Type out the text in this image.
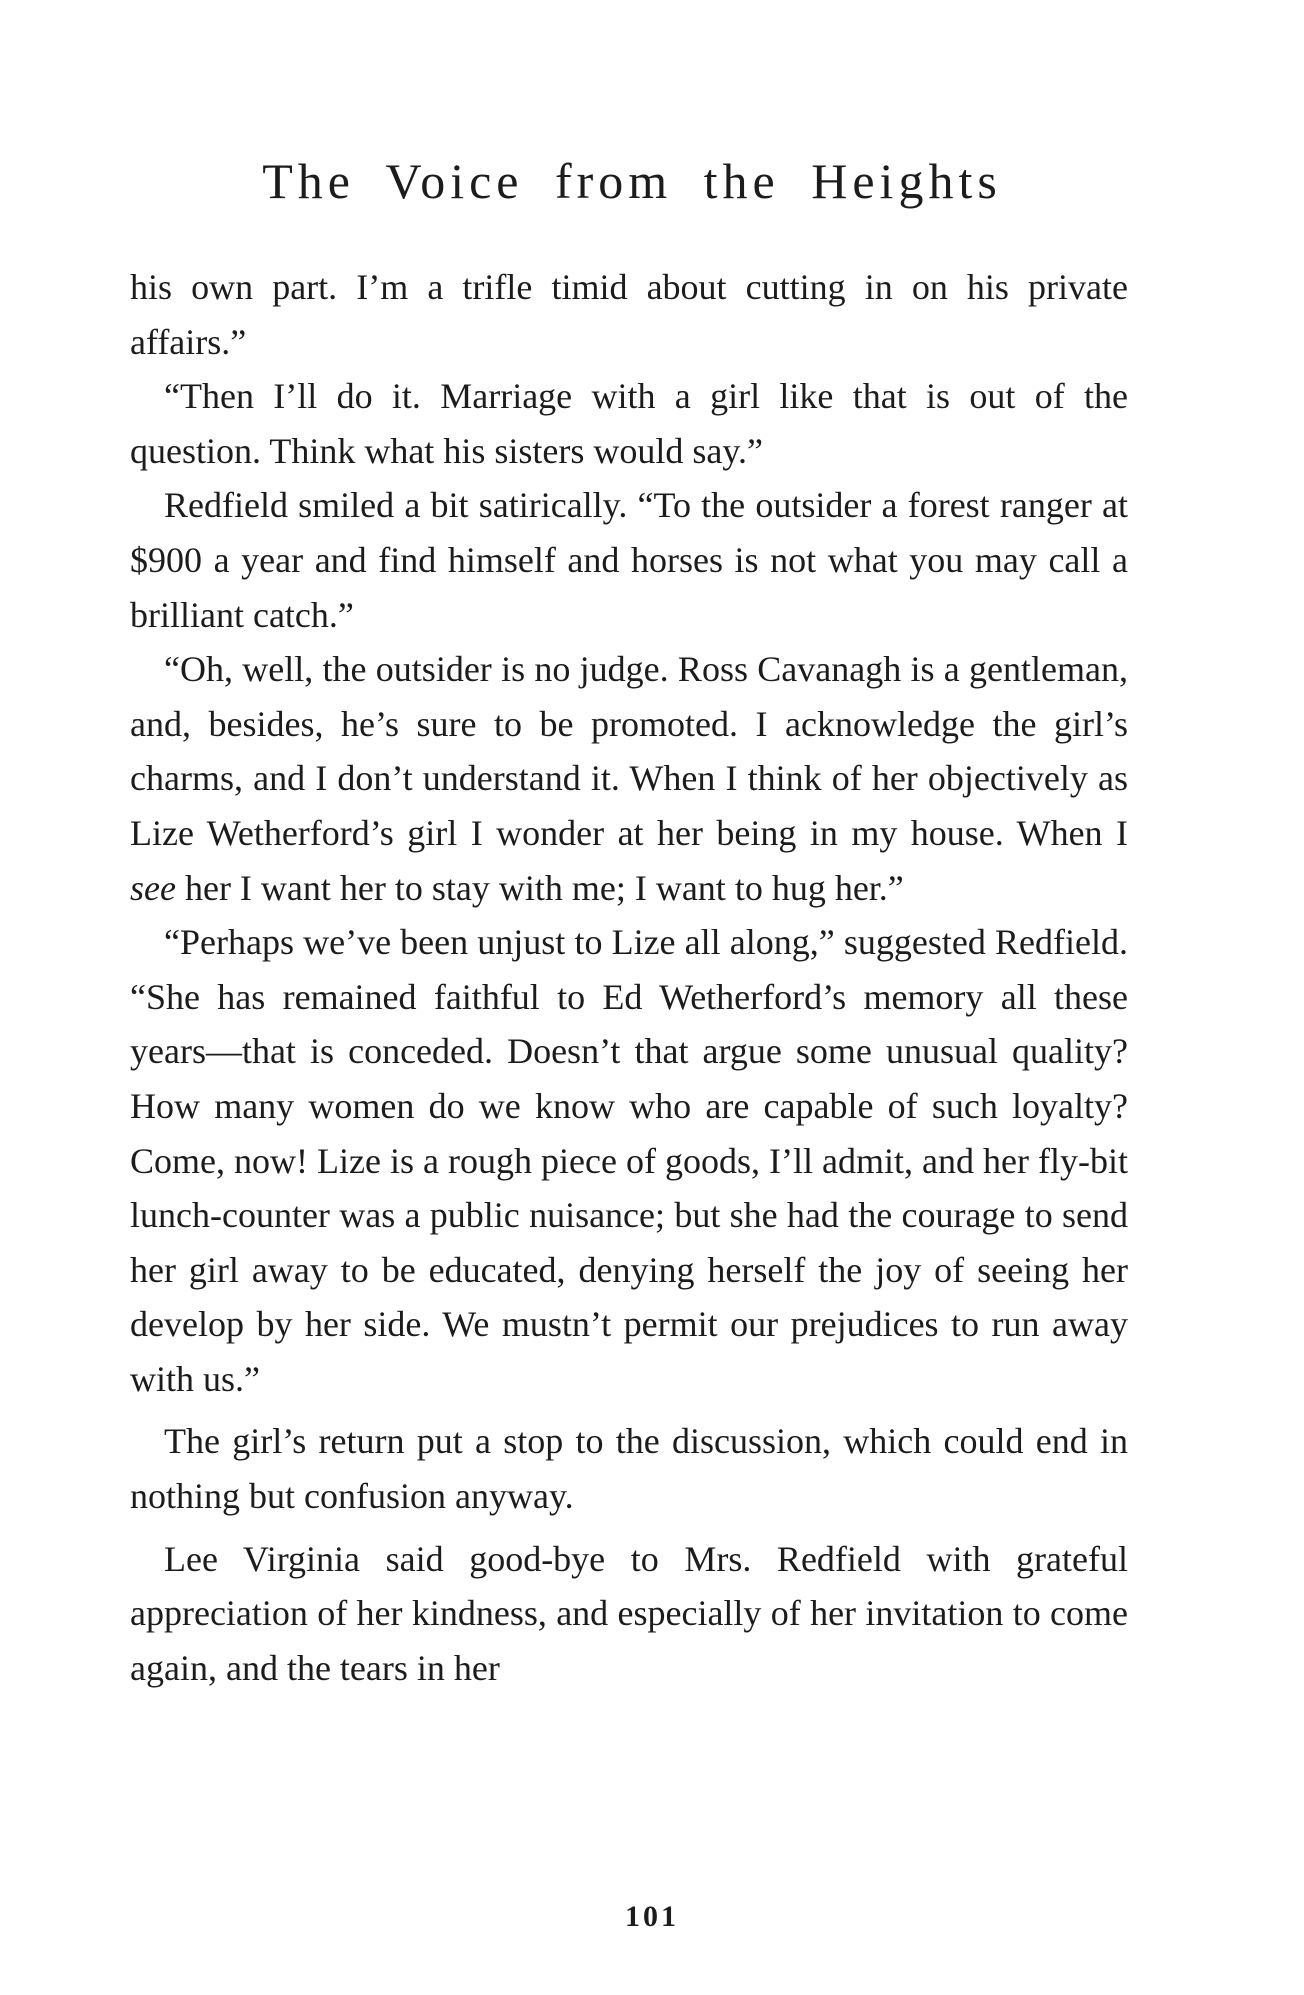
The Voice from the Heights

his own part. I’m a trifle timid about cutting in on his private affairs.”

“Then I’ll do it. Marriage with a girl like that is out of the question. Think what his sisters would say.”

Redfield smiled a bit satirically. “To the outsider a forest ranger at $900 a year and find himself and horses is not what you may call a brilliant catch.”

“Oh, well, the outsider is no judge. Ross Cavanagh is a gentleman, and, besides, he’s sure to be promoted. I acknowledge the girl’s charms, and I don’t understand it. When I think of her objectively as Lize Wetherford’s girl I wonder at her being in my house. When I see her I want her to stay with me; I want to hug her.”

“Perhaps we’ve been unjust to Lize all along,” suggested Redfield. “She has remained faithful to Ed Wetherford’s memory all these years—that is conceded. Doesn’t that argue some unusual quality? How many women do we know who are capable of such loyalty? Come, now! Lize is a rough piece of goods, I’ll admit, and her fly-bit lunch-counter was a public nuisance; but she had the courage to send her girl away to be educated, denying herself the joy of seeing her develop by her side. We mustn’t permit our prejudices to run away with us.”

The girl’s return put a stop to the discussion, which could end in nothing but confusion anyway.

Lee Virginia said good-bye to Mrs. Redfield with grateful appreciation of her kindness, and especially of her invitation to come again, and the tears in her

101
